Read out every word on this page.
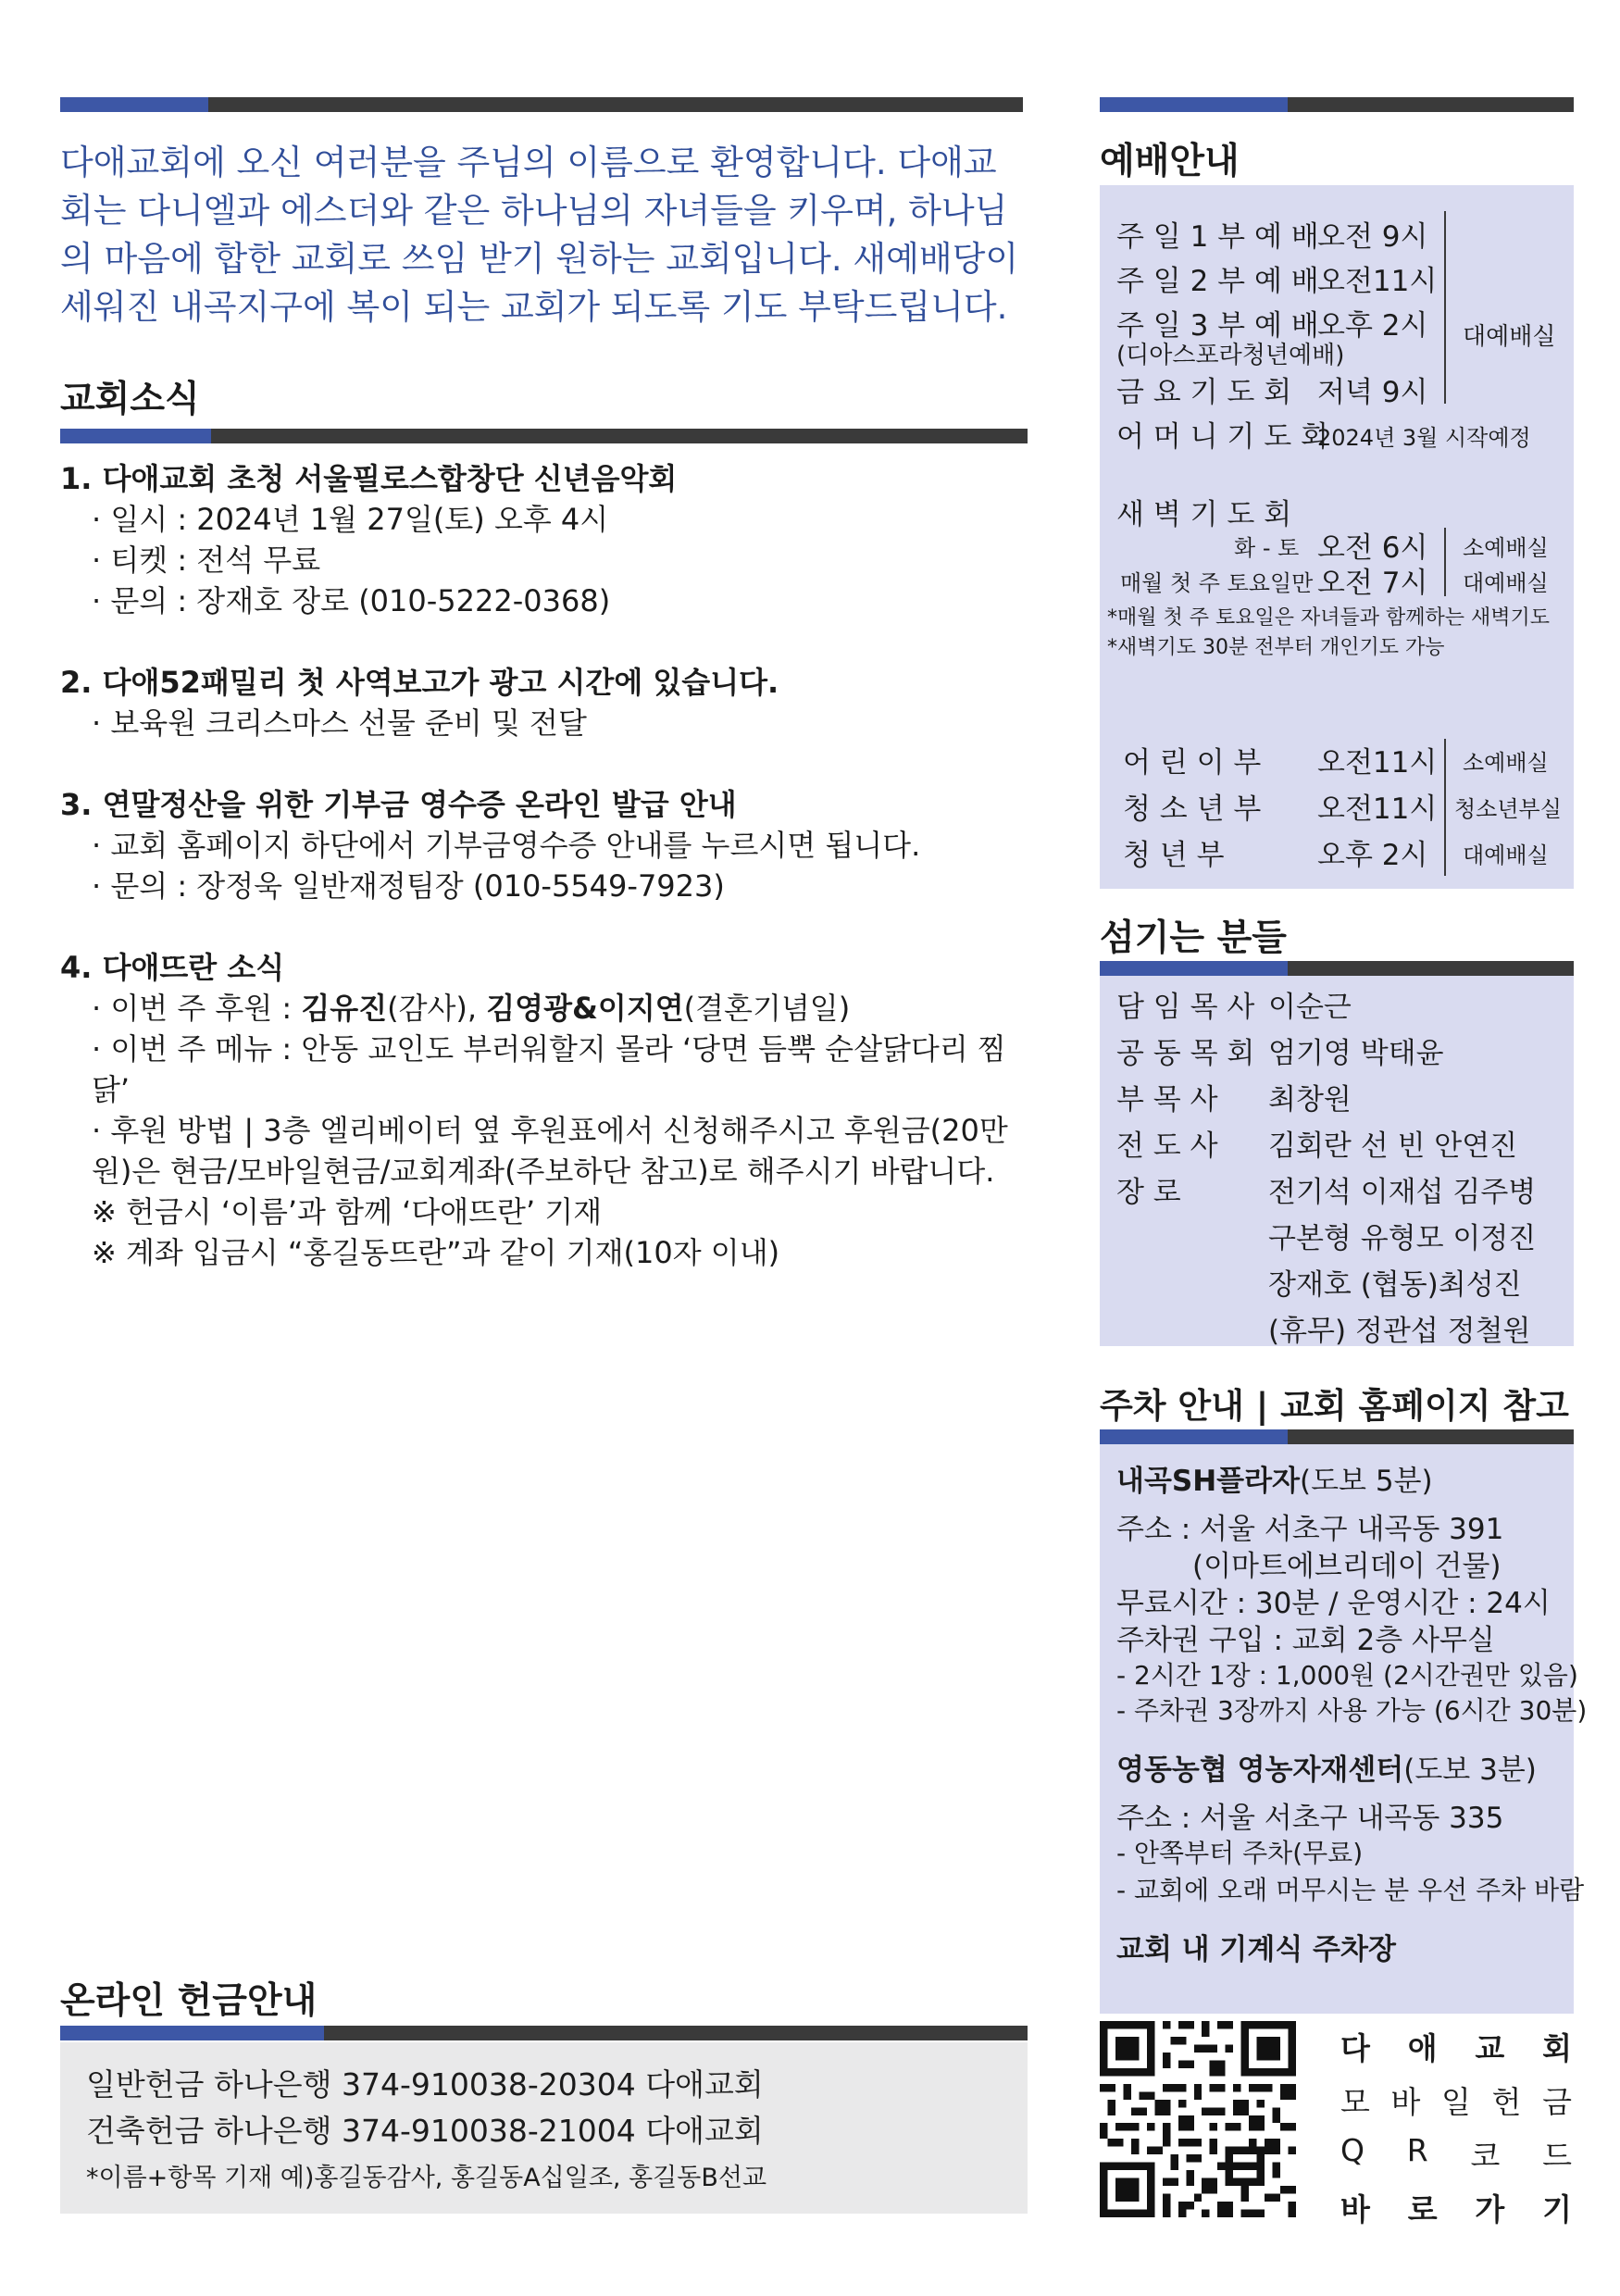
다애교회에 오신 여러분을 주님의 이름으로 환영합니다. 다애교회는 다니엘과 에스더와 같은 하나님의 자녀들을 키우며, 하나님의 마음에 합한 교회로 쓰임 받기 원하는 교회입니다. 새예배당이 세워진 내곡지구에 복이 되는 교회가 되도록 기도 부탁드립니다.

교회소식
1. 다애교회 초청 서울필로스합창단 신년음악회
· 일시 : 2024년 1월 27일(토) 오후 4시
· 티켓 : 전석 무료
· 문의 : 장재호 장로 (010-5222-0368)
2. 다애52패밀리 첫 사역보고가 광고 시간에 있습니다.
· 보육원 크리스마스 선물 준비 및 전달
3. 연말정산을 위한 기부금 영수증 온라인 발급 안내
· 교회 홈페이지 하단에서 기부금영수증 안내를 누르시면 됩니다.
· 문의 : 장정욱 일반재정팀장 (010-5549-7923)
4. 다애뜨란 소식
· 이번 주 후원 : 김유진(감사), 김영광&이지연(결혼기념일)
· 이번 주 메뉴 : 안동 교인도 부러워할지 몰라 ‘당면 듬뿍 순살닭다리 찜닭’
· 후원 방법 | 3층 엘리베이터 옆 후원표에서 신청해주시고 후원금(20만원)은 현금/모바일현금/교회계좌(주보하단 참고)로 해주시기 바랍니다.
※ 헌금시 ‘이름’과 함께 ‘다애뜨란’ 기재
※ 계좌 입금시 “홍길동뜨란”과 같이 기재(10자 이내)
온라인 헌금안내
일반헌금 하나은행 374-910038-20304 다애교회
건축헌금 하나은행 374-910038-21004 다애교회
*이름+항목 기재 예)홍길동감사, 홍길동A십일조, 홍길동B선교
예배안내
주 일 1 부 예 배
오전 9시
주 일 2 부 예 배
오전11시
주 일 3 부 예 배
오후 2시
(디아스포라청년예배)
대예배실
금 요 기 도 회 저녁 9시
어 머 니 기 도 회
2024년 3월 시작예정
새 벽 기 도 회
화 - 토 오전 6시 소예배실
매월 첫 주 토요일만 오전 7시 대예배실
*매월 첫 주 토요일은 자녀들과 함께하는 새벽기도
*새벽기도 30분 전부터 개인기도 가능
어 린 이 부 오전11시 소예배실
청 소 년 부 오전11시 청소년부실
청 년 부	오후 2시 대예배실
섬기는 분들
담 임 목 사 이순근
공 동 목 회 엄기영 박태윤
부 목 사 최창원
전 도 사 김회란 선 빈 안연진
장 로	전기석 이재섭 김주병
구본형 유형모 이정진
장재호 (협동)최성진
(휴무) 정관섭 정철원
주차 안내 | 교회 홈페이지 참고
내곡SH플라자(도보 5분)
주소 : 서울 서초구 내곡동 391
(이마트에브리데이 건물)
무료시간 : 30분 / 운영시간 : 24시
주차권 구입 : 교회 2층 사무실
- 2시간 1장 : 1,000원 (2시간권만 있음)
- 주차권 3장까지 사용 가능 (6시간 30분)
영동농협 영농자재센터(도보 3분)
주소 : 서울 서초구 내곡동 335
- 안쪽부터 주차(무료)
- 교회에 오래 머무시는 분 우선 주차 바람
교회 내 기계식 주차장
다 애 교 회
모 바 일 헌 금
Q R 코 드
바 로 가 기
